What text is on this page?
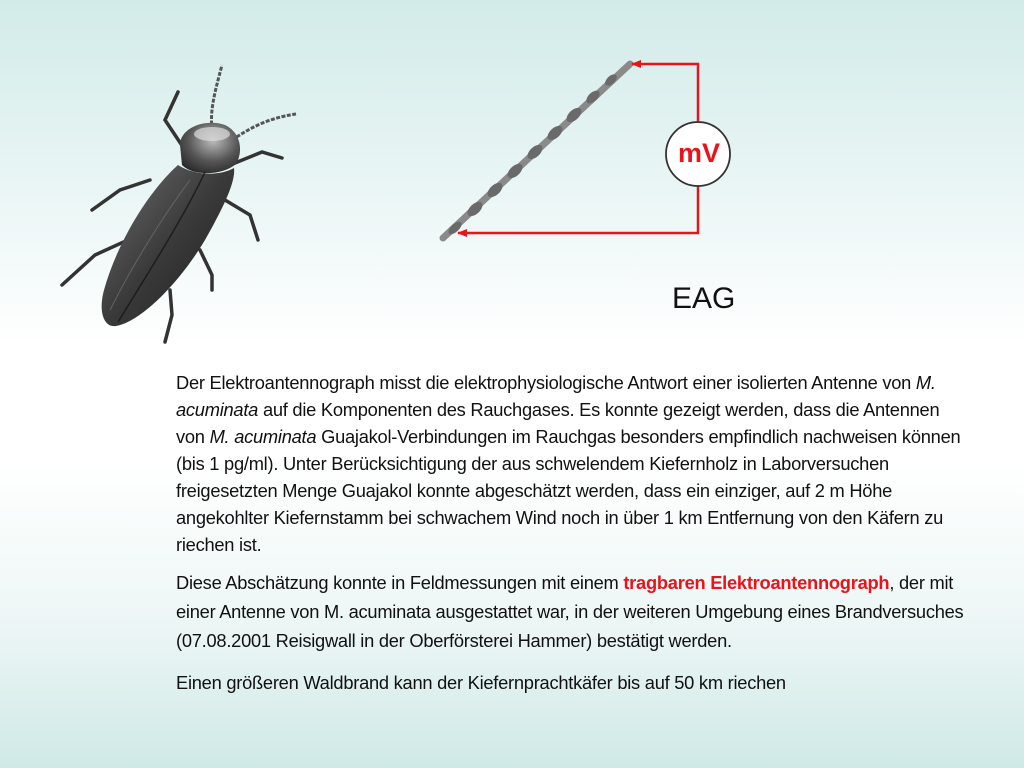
mV
EAG

Der Elektroantennograph misst die elektrophysiologische Antwort einer isolierten Antenne von M. acuminata auf die Komponenten des Rauchgases. Es konnte gezeigt werden, dass die Antennen von M. acuminata Guajakol-Verbindungen im Rauchgas besonders empfindlich nachweisen können (bis 1 pg/ml). Unter Berücksichtigung der aus schwelendem Kiefernholz in Laborversuchen freigesetzten Menge Guajakol konnte abgeschätzt werden, dass ein einziger, auf 2 m Höhe angekohlter Kiefernstamm bei schwachem Wind noch in über 1 km Entfernung von den Käfern zu riechen ist.

Diese Abschätzung konnte in Feldmessungen mit einem tragbaren Elektroantennograph, der mit einer Antenne von M. acuminata ausgestattet war, in der weiteren Umgebung eines Brandversuches (07.08.2001 Reisigwall in der Oberförsterei Hammer) bestätigt werden.

Einen größeren Waldbrand kann der Kiefernprachtkäfer bis auf 50 km riechen
